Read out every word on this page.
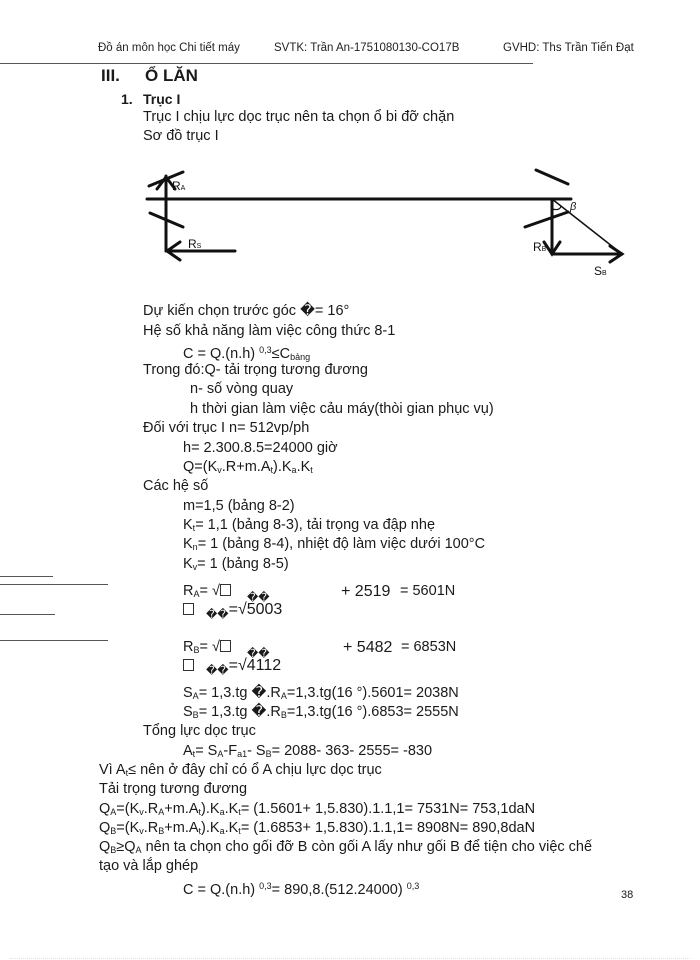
Đồ án môn học Chi tiết máy	SVTK: Trần An-1751080130-CO17B	GVHD: Ths Trần Tiến Đạt
III. Ổ LĂN
1. Trục I
Trục I chịu lực dọc trục nên ta chọn ổ bi đỡ chặn
Sơ đồ trục I
RA
RS	RB
SB
β
Dự kiến chọn trước góc �= 16°
Hệ số khả năng làm việc công thức 8-1
C = Q.(n.h) $^{0,3}\le C_{bảng}$
Trong đó:Q- tải trọng tương đương
n- số vòng quay
h thời gian làm việc cảu máy(thòi gian phục vụ)
Đối với trục I n= 512vp/ph
h= 2.300.8.5=24000 giờ
$Q=(K_v.R+m.A_t).K_a.K_t$
Các hệ số
m=1,5 (bảng 8-2)
$K_t= 1,1$ (bảng 8-3), tải trọng va đập nhẹ
$K_n= 1$ (bảng 8-4), nhiệt độ làm việc dưới 100°C
$K_v= 1$ (bảng 8-5)
$R_A=$ √ $_{��}$	+ 2519 = 5601N
$_{��}$=√5003
$R_B=$ √ $_{��}$	+ 5482 = 6853N
$_{��}$=√4112
$S_A= 1,3.tg$ $�.R_A=1,3.tg(16$ °).5601= 2038N
$S_B= 1,3.tg$ $�.R_B=1,3.tg(16$ °).6853= 2555N
Tổng lực dọc trục
$A_t= S_A-F_{a1}-$ $S_B= 2088-$ 363- 2555= -830
Vì $A_t\le$ nên ở đây chỉ có ổ A chịu lực dọc trục
Tải trọng tương đương
$Q_A=(K_v.R_A+m.A_t).K_a.K_t= (1.5601+ 1,5.830).1.1,1= 7531N= 753,1daN$
$Q_B=(K_v.R_B+m.A_t).K_a.K_t= (1.6853+ 1,5.830).1.1,1= 8908N= 890,8daN$
$Q_B\ge Q_A$ nên ta chọn cho gối đỡ B còn gối A lấy như gối B để tiện cho việc chế
tạo và lắp ghép
C = Q.(n.h) $^{0,3}$= 890,8.(512.24000) $^{0,3}$
38
